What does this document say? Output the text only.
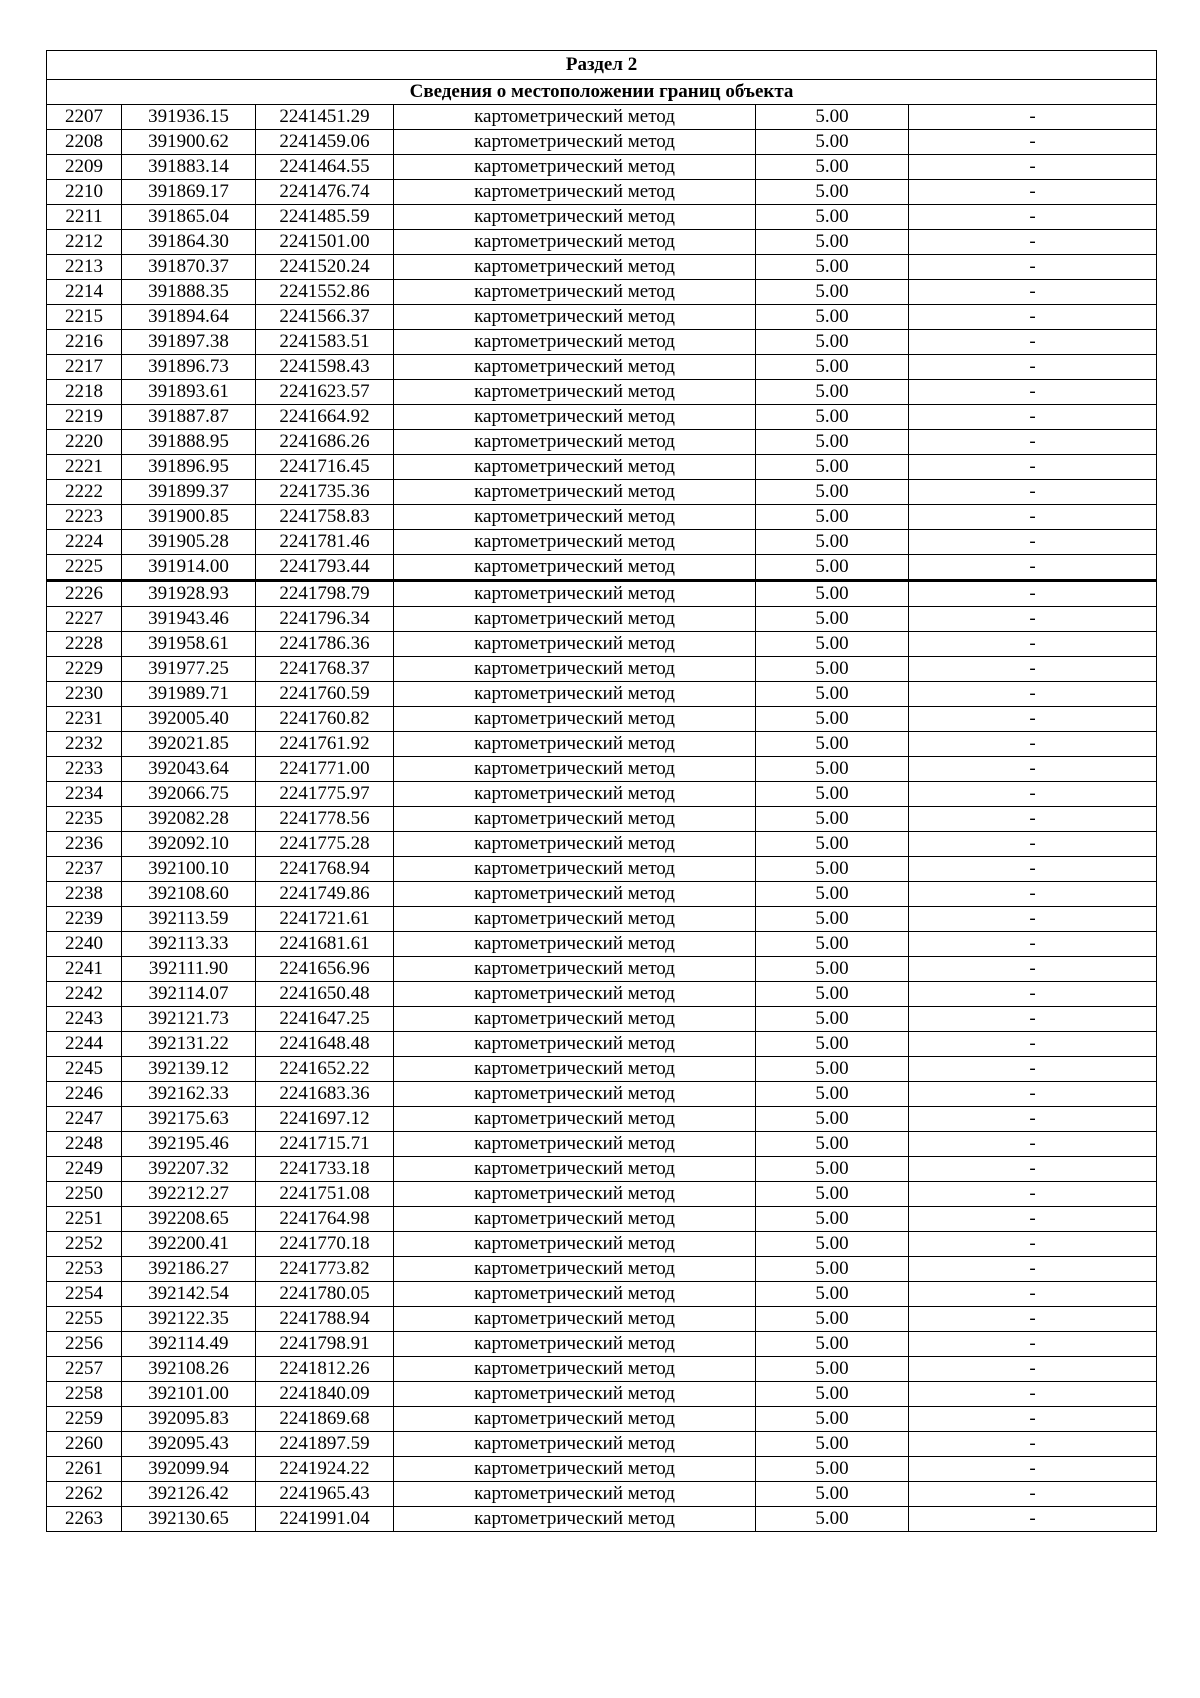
Раздел 2					
Сведения о местоположении границ объекта					
2207	391936.15	2241451.29	картометрический метод	5.00	-
2208	391900.62	2241459.06	картометрический метод	5.00	-
2209	391883.14	2241464.55	картометрический метод	5.00	-
2210	391869.17	2241476.74	картометрический метод	5.00	-
2211	391865.04	2241485.59	картометрический метод	5.00	-
2212	391864.30	2241501.00	картометрический метод	5.00	-
2213	391870.37	2241520.24	картометрический метод	5.00	-
2214	391888.35	2241552.86	картометрический метод	5.00	-
2215	391894.64	2241566.37	картометрический метод	5.00	-
2216	391897.38	2241583.51	картометрический метод	5.00	-
2217	391896.73	2241598.43	картометрический метод	5.00	-
2218	391893.61	2241623.57	картометрический метод	5.00	-
2219	391887.87	2241664.92	картометрический метод	5.00	-
2220	391888.95	2241686.26	картометрический метод	5.00	-
2221	391896.95	2241716.45	картометрический метод	5.00	-
2222	391899.37	2241735.36	картометрический метод	5.00	-
2223	391900.85	2241758.83	картометрический метод	5.00	-
2224	391905.28	2241781.46	картометрический метод	5.00	-
2225	391914.00	2241793.44	картометрический метод	5.00	-
2226	391928.93	2241798.79	картометрический метод	5.00	-
2227	391943.46	2241796.34	картометрический метод	5.00	-
2228	391958.61	2241786.36	картометрический метод	5.00	-
2229	391977.25	2241768.37	картометрический метод	5.00	-
2230	391989.71	2241760.59	картометрический метод	5.00	-
2231	392005.40	2241760.82	картометрический метод	5.00	-
2232	392021.85	2241761.92	картометрический метод	5.00	-
2233	392043.64	2241771.00	картометрический метод	5.00	-
2234	392066.75	2241775.97	картометрический метод	5.00	-
2235	392082.28	2241778.56	картометрический метод	5.00	-
2236	392092.10	2241775.28	картометрический метод	5.00	-
2237	392100.10	2241768.94	картометрический метод	5.00	-
2238	392108.60	2241749.86	картометрический метод	5.00	-
2239	392113.59	2241721.61	картометрический метод	5.00	-
2240	392113.33	2241681.61	картометрический метод	5.00	-
2241	392111.90	2241656.96	картометрический метод	5.00	-
2242	392114.07	2241650.48	картометрический метод	5.00	-
2243	392121.73	2241647.25	картометрический метод	5.00	-
2244	392131.22	2241648.48	картометрический метод	5.00	-
2245	392139.12	2241652.22	картометрический метод	5.00	-
2246	392162.33	2241683.36	картометрический метод	5.00	-
2247	392175.63	2241697.12	картометрический метод	5.00	-
2248	392195.46	2241715.71	картометрический метод	5.00	-
2249	392207.32	2241733.18	картометрический метод	5.00	-
2250	392212.27	2241751.08	картометрический метод	5.00	-
2251	392208.65	2241764.98	картометрический метод	5.00	-
2252	392200.41	2241770.18	картометрический метод	5.00	-
2253	392186.27	2241773.82	картометрический метод	5.00	-
2254	392142.54	2241780.05	картометрический метод	5.00	-
2255	392122.35	2241788.94	картометрический метод	5.00	-
2256	392114.49	2241798.91	картометрический метод	5.00	-
2257	392108.26	2241812.26	картометрический метод	5.00	-
2258	392101.00	2241840.09	картометрический метод	5.00	-
2259	392095.83	2241869.68	картометрический метод	5.00	-
2260	392095.43	2241897.59	картометрический метод	5.00	-
2261	392099.94	2241924.22	картометрический метод	5.00	-
2262	392126.42	2241965.43	картометрический метод	5.00	-
2263	392130.65	2241991.04	картометрический метод	5.00	-
